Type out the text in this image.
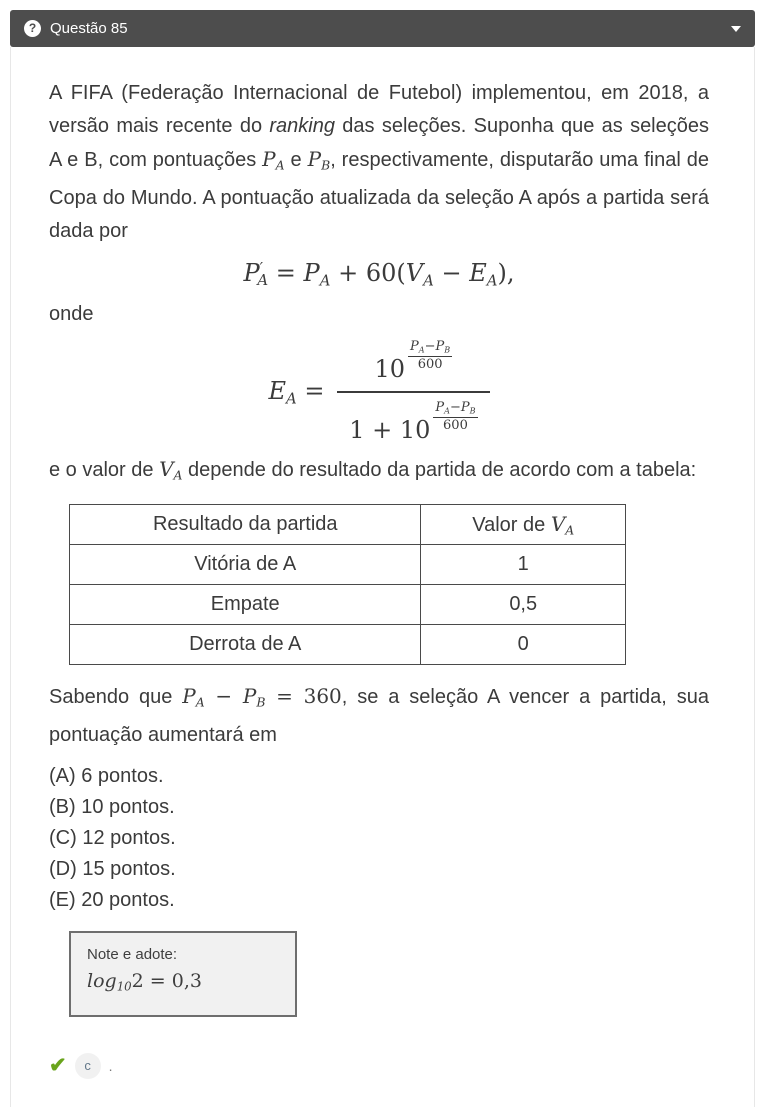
? Questão 85

A FIFA (Federação Internacional de Futebol) implementou, em 2018, a versão mais recente do ranking das seleções. Suponha que as seleções A e B, com pontuações $P_A$ e $P_B$, respectivamente, disputarão uma final de Copa do Mundo. A pontuação atualizada da seleção A após a partida será dada por

$P'_A = P_A + 60(V_A - E_A)$,

onde

$E_A = \frac{10 \frac{P_A-P_B}{600}}{1 + 10 \frac{P_A-P_B}{600}}$

e o valor de $V_A$ depende do resultado da partida de acordo com a tabela:

Resultado da partida	Valor de $V_A$
Vitória de A	1
Empate	0,5
Derrota de A	0

Sabendo que $P_A - P_B = 360$, se a seleção A vencer a partida, sua pontuação aumentará em

(A) 6 pontos.
(B) 10 pontos.
(C) 12 pontos.
(D) 15 pontos.
(E) 20 pontos.
Note e adote:
$\log_{10}2 = 0,3$
✔	c	.
